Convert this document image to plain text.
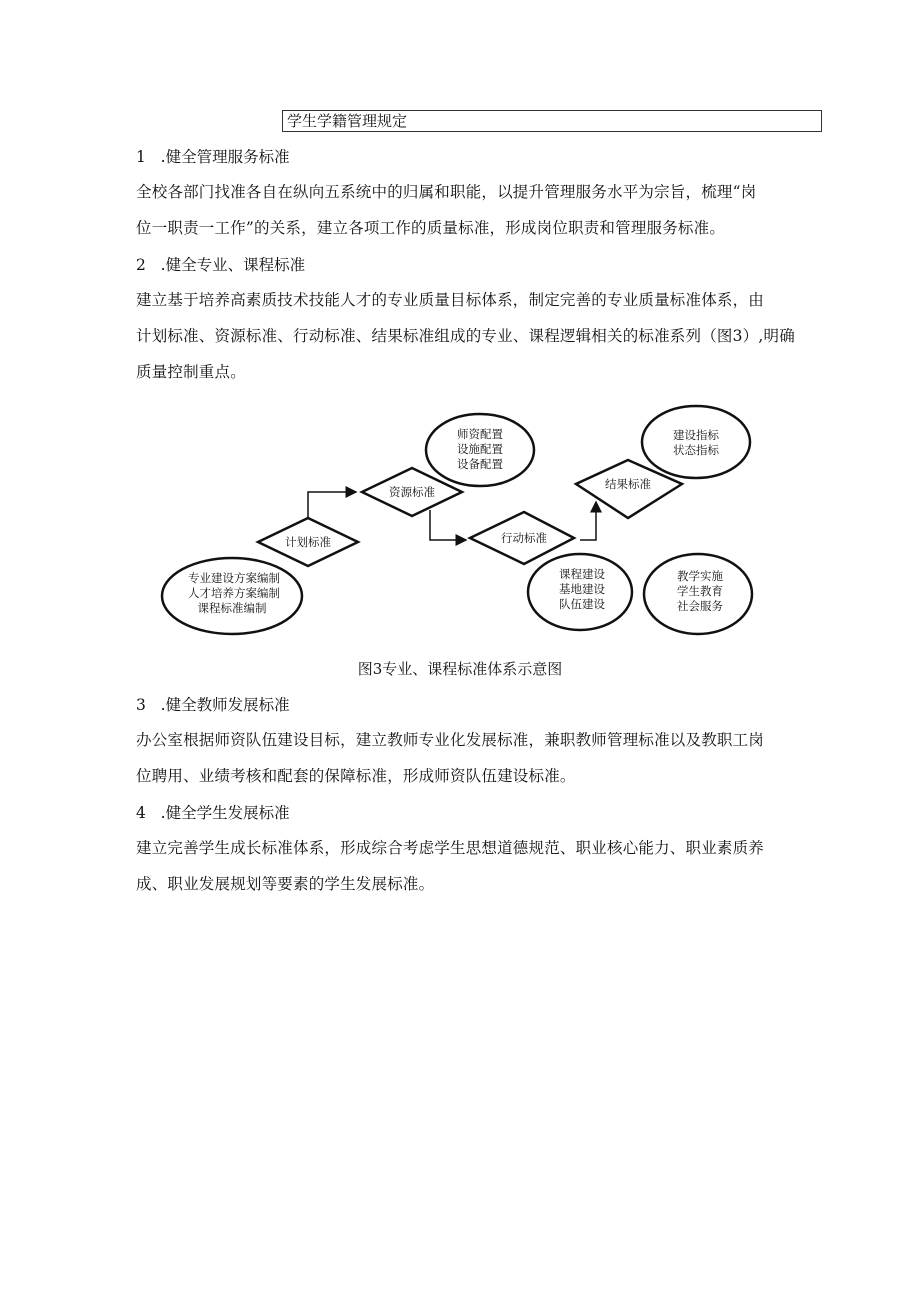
学生学籍管理规定
1 .健全管理服务标准
全校各部门找准各自在纵向五系统中的归属和职能，以提升管理服务水平为宗旨，梳理“岗
位一职责一工作”的关系，建立各项工作的质量标准，形成岗位职责和管理服务标准。
2 .健全专业、课程标准
建立基于培养高素质技术技能人才的专业质量目标体系，制定完善的专业质量标准体系，由
计划标准、资源标准、行动标准、结果标准组成的专业、课程逻辑相关的标准系列（图3）,明确
质量控制重点。
计划标准
资源标准
行动标准
结果标准
专业建设方案编制
人才培养方案编制
课程标准编制
师资配置
设施配置
设备配置
课程建设
基地建设
队伍建设
建设指标
状态指标
教学实施
学生教育
社会服务
图3专业、课程标准体系示意图
3 .健全教师发展标准
办公室根据师资队伍建设目标，建立教师专业化发展标准，兼职教师管理标准以及教职工岗
位聘用、业绩考核和配套的保障标准，形成师资队伍建设标准。
4 .健全学生发展标准
建立完善学生成长标准体系，形成综合考虑学生思想道德规范、职业核心能力、职业素质养
成、职业发展规划等要素的学生发展标准。
